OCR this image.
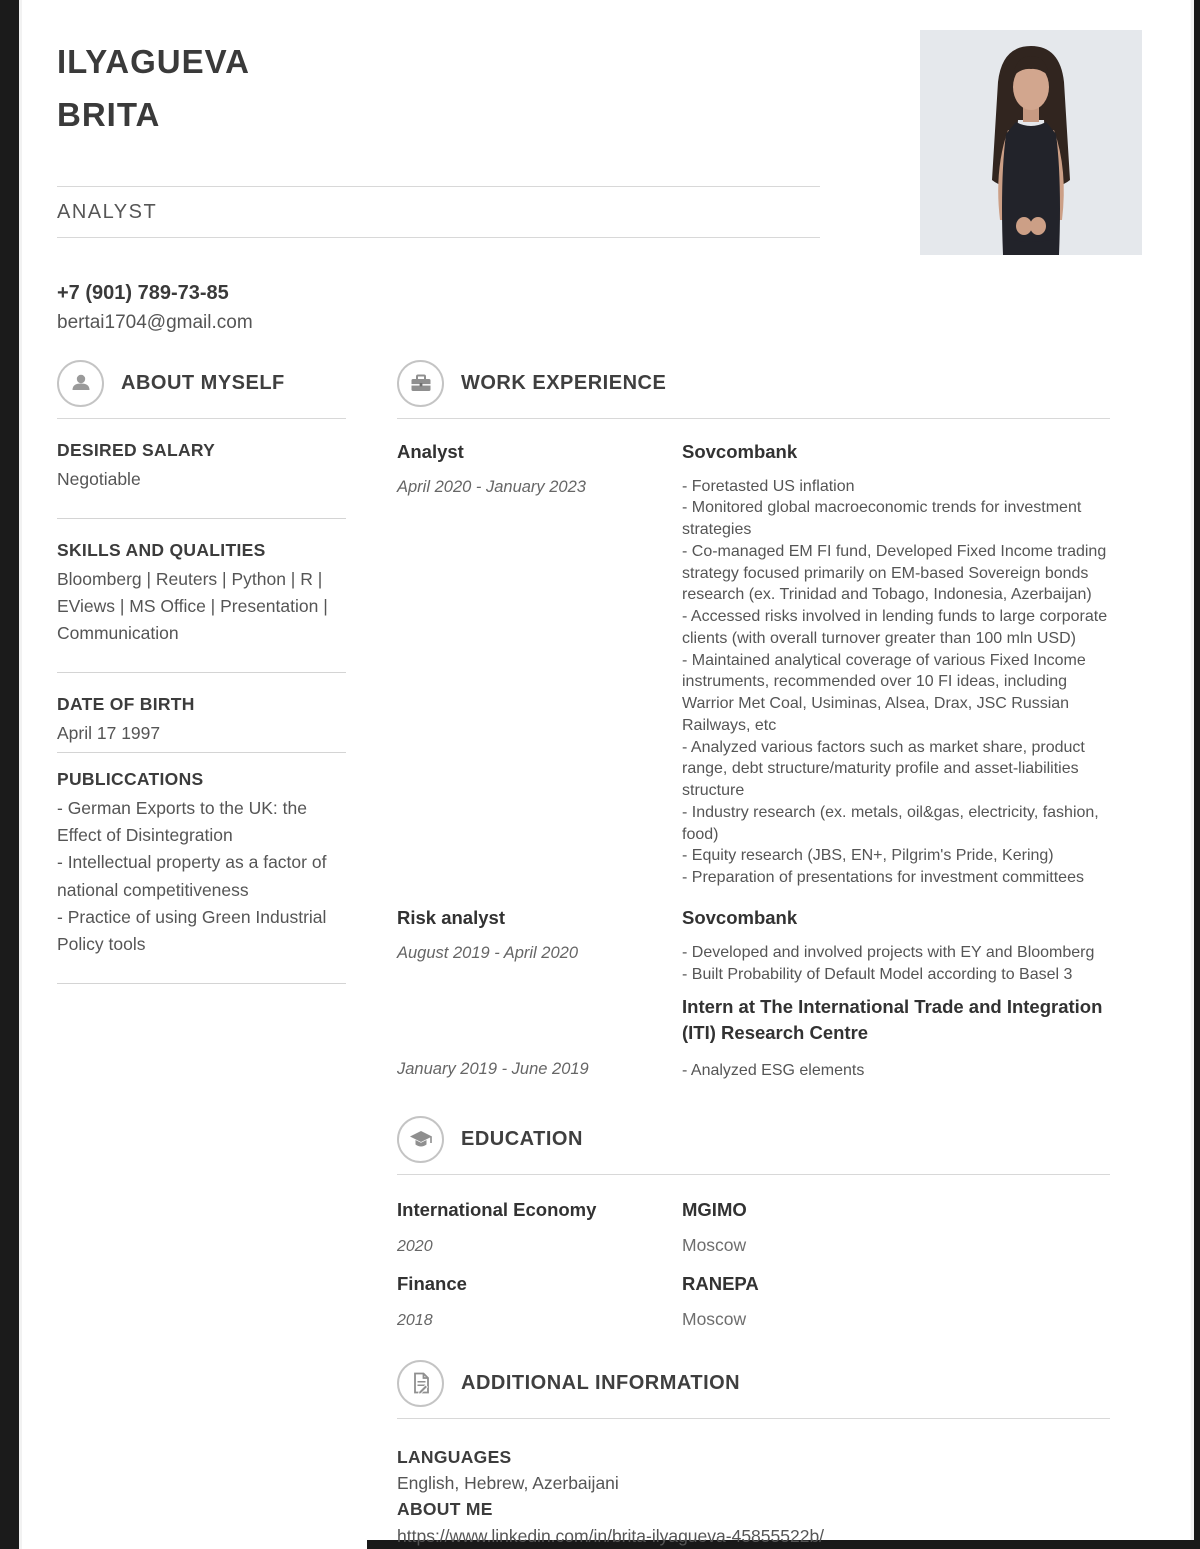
ILYAGUEVA
BRITA
ANALYST
+7 (901) 789-73-85
bertai1704@gmail.com
ABOUT MYSELF
DESIRED SALARY
Negotiable
SKILLS AND QUALITIES
Bloomberg | Reuters | Python | R | EViews | MS Office | Presentation | Communication
DATE OF BIRTH
April 17 1997
PUBLICCATIONS
- German Exports to the UK: the Effect of Disintegration
- Intellectual property as a factor of national competitiveness
- Practice of using Green Industrial Policy tools
WORK EXPERIENCE
Analyst
April 2020 - January 2023
Sovcombank
- Foretasted US inflation
- Monitored global macroeconomic trends for investment strategies
- Co-managed EM FI fund, Developed Fixed Income trading strategy focused primarily on EM-based Sovereign bonds research (ex. Trinidad and Tobago, Indonesia, Azerbaijan)
- Accessed risks involved in lending funds to large corporate clients (with overall turnover greater than 100 mln USD)
- Maintained analytical coverage of various Fixed Income instruments, recommended over 10 FI ideas, including Warrior Met Coal, Usiminas, Alsea, Drax, JSC Russian Railways, etc
- Analyzed various factors such as market share, product range, debt structure/maturity profile and asset-liabilities structure
- Industry research (ex. metals, oil&gas, electricity, fashion, food)
- Equity research (JBS, EN+, Pilgrim's Pride, Kering)
- Preparation of presentations for investment committees
Risk analyst
August 2019 - April 2020
Sovcombank
- Developed and involved projects with EY and Bloomberg
- Built Probability of Default Model according to Basel 3
Intern at The International Trade and Integration (ITI) Research Centre
January 2019 - June 2019	- Analyzed ESG elements
EDUCATION
International Economy	MGIMO
2020	Moscow
Finance	RANEPA
2018	Moscow
ADDITIONAL INFORMATION
LANGUAGES
English, Hebrew, Azerbaijani
ABOUT ME
https://www.linkedin.com/in/brita-ilyagueva-45855522b/
